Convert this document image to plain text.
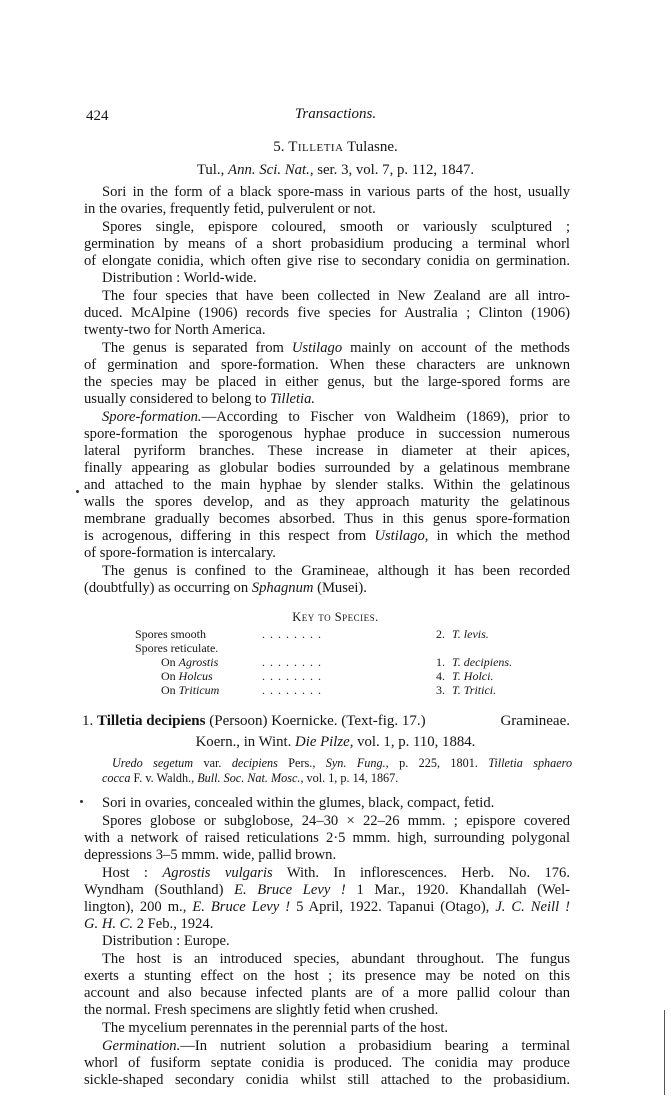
424	Transactions.
5. Tilletia Tulasne.
Tul., Ann. Sci. Nat., ser. 3, vol. 7, p. 112, 1847.
Sori in the form of a black spore-mass in various parts of the host, usually
in the ovaries, frequently fetid, pulverulent or not.
Spores single, epispore coloured, smooth or variously sculptured ;
germination by means of a short probasidium producing a terminal whorl
of elongate conidia, which often give rise to secondary conidia on germination.
Distribution : World-wide.
The four species that have been collected in New Zealand are all intro-
duced. McAlpine (1906) records five species for Australia ; Clinton (1906)
twenty-two for North America.
The genus is separated from Ustilago mainly on account of the methods
of germination and spore-formation. When these characters are unknown
the species may be placed in either genus, but the large-spored forms are
usually considered to belong to Tilletia.
Spore-formation.—According to Fischer von Waldheim (1869), prior to
spore-formation the sporogenous hyphae produce in succession numerous
lateral pyriform branches. These increase in diameter at their apices,
finally appearing as globular bodies surrounded by a gelatinous membrane
and attached to the main hyphae by slender stalks. Within the gelatinous
walls the spores develop, and as they approach maturity the gelatinous
membrane gradually becomes absorbed. Thus in this genus spore-formation
is acrogenous, differing in this respect from Ustilago, in which the method
of spore-formation is intercalary.
The genus is confined to the Gramineae, although it has been recorded
(doubtfully) as occurring on Sphagnum (Musei).
Key to Species.
Spores smooth	. . . . . . . .	2. T. levis.
Spores reticulate.
On Agrostis	. . . . . . . .	1. T. decipiens.
On Holcus	. . . . . . . .	4. T. Holci.
On Triticum	. . . . . . . .	3. T. Tritici.
1. Tilletia decipiens (Persoon) Koernicke. (Text-fig. 17.)	Gramineae.
Koern., in Wint. Die Pilze, vol. 1, p. 110, 1884.
Uredo segetum var. decipiens Pers., Syn. Fung., p. 225, 1801. Tilletia sphaero
cocca F. v. Waldh., Bull. Soc. Nat. Mosc., vol. 1, p. 14, 1867.
Sori in ovaries, concealed within the glumes, black, compact, fetid.
Spores globose or subglobose, 24–30 × 22–26 mmm. ; epispore covered
with a network of raised reticulations 2·5 mmm. high, surrounding polygonal
depressions 3–5 mmm. wide, pallid brown.
Host : Agrostis vulgaris With. In inflorescences. Herb. No. 176.
Wyndham (Southland) E. Bruce Levy ! 1 Mar., 1920. Khandallah (Wel-
lington), 200 m., E. Bruce Levy ! 5 April, 1922. Tapanui (Otago), J. C. Neill !
G. H. C. 2 Feb., 1924.
Distribution : Europe.
The host is an introduced species, abundant throughout. The fungus
exerts a stunting effect on the host ; its presence may be noted on this
account and also because infected plants are of a more pallid colour than
the normal. Fresh specimens are slightly fetid when crushed.
The mycelium perennates in the perennial parts of the host.
Germination.—In nutrient solution a probasidium bearing a terminal
whorl of fusiform septate conidia is produced. The conidia may produce
sickle-shaped secondary conidia whilst still attached to the probasidium.
